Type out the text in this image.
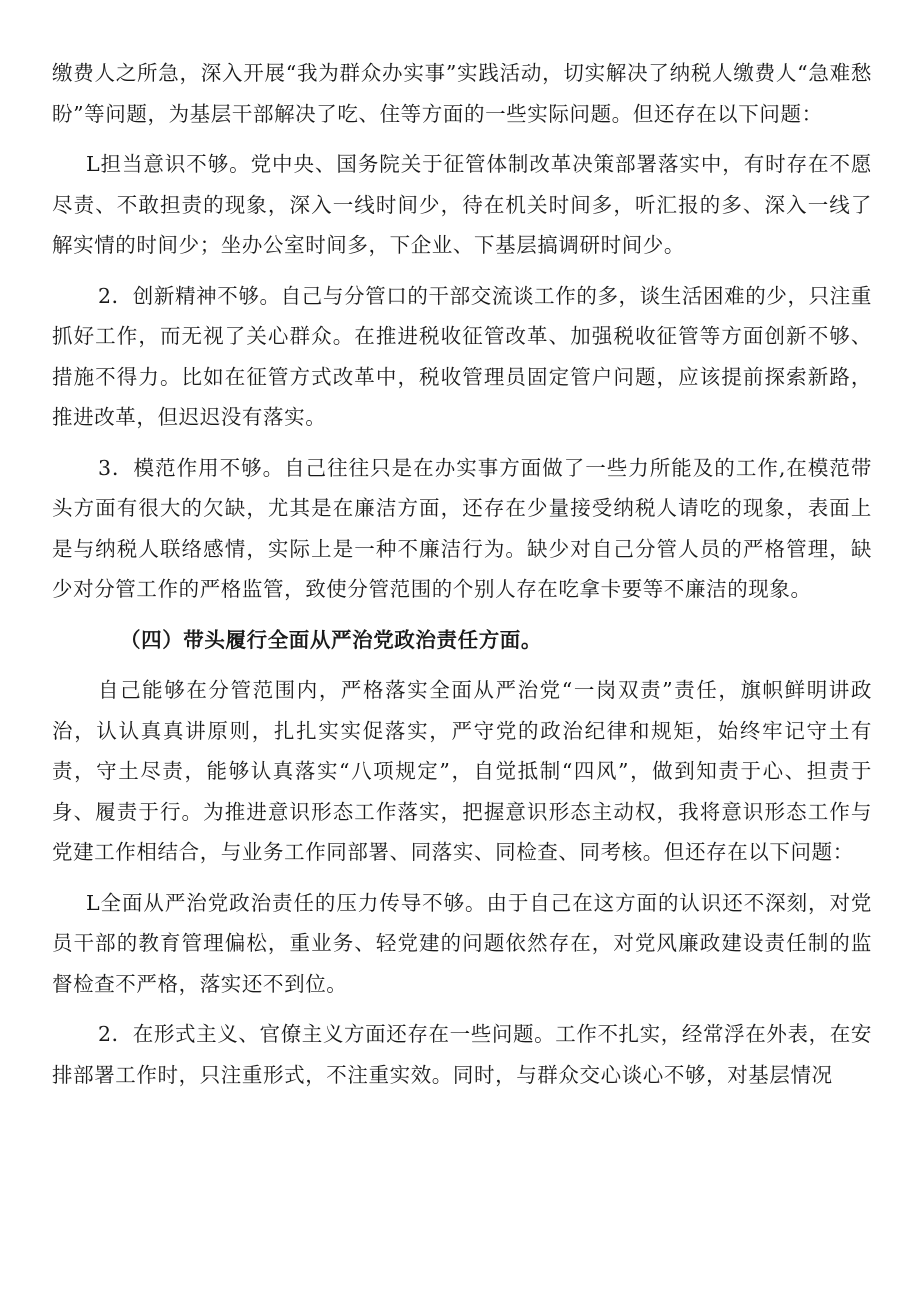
缴费人之所急，深入开展“我为群众办实事”实践活动，切实解决了纳税人缴费人“急难愁盼”等问题，为基层干部解决了吃、住等方面的一些实际问题。但还存在以下问题：

L担当意识不够。党中央、国务院关于征管体制改革决策部署落实中，有时存在不愿尽责、不敢担责的现象，深入一线时间少，待在机关时间多，听汇报的多、深入一线了解实情的时间少；坐办公室时间多，下企业、下基层搞调研时间少。

2．创新精神不够。自己与分管口的干部交流谈工作的多，谈生活困难的少，只注重抓好工作，而无视了关心群众。在推进税收征管改革、加强税收征管等方面创新不够、措施不得力。比如在征管方式改革中，税收管理员固定管户问题，应该提前探索新路，推进改革，但迟迟没有落实。

3．模范作用不够。自己往往只是在办实事方面做了一些力所能及的工作,在模范带头方面有很大的欠缺，尤其是在廉洁方面，还存在少量接受纳税人请吃的现象，表面上是与纳税人联络感情，实际上是一种不廉洁行为。缺少对自己分管人员的严格管理，缺少对分管工作的严格监管，致使分管范围的个别人存在吃拿卡要等不廉洁的现象。

（四）带头履行全面从严治党政治责任方面。

自己能够在分管范围内，严格落实全面从严治党“一岗双责”责任，旗帜鲜明讲政治，认认真真讲原则，扎扎实实促落实，严守党的政治纪律和规矩，始终牢记守土有责，守土尽责，能够认真落实“八项规定”，自觉抵制“四风”，做到知责于心、担责于身、履责于行。为推进意识形态工作落实，把握意识形态主动权，我将意识形态工作与党建工作相结合，与业务工作同部署、同落实、同检查、同考核。但还存在以下问题：

L全面从严治党政治责任的压力传导不够。由于自己在这方面的认识还不深刻，对党员干部的教育管理偏松，重业务、轻党建的问题依然存在，对党风廉政建设责任制的监督检查不严格，落实还不到位。

2．在形式主义、官僚主义方面还存在一些问题。工作不扎实，经常浮在外表，在安排部署工作时，只注重形式，不注重实效。同时，与群众交心谈心不够，对基层情况
